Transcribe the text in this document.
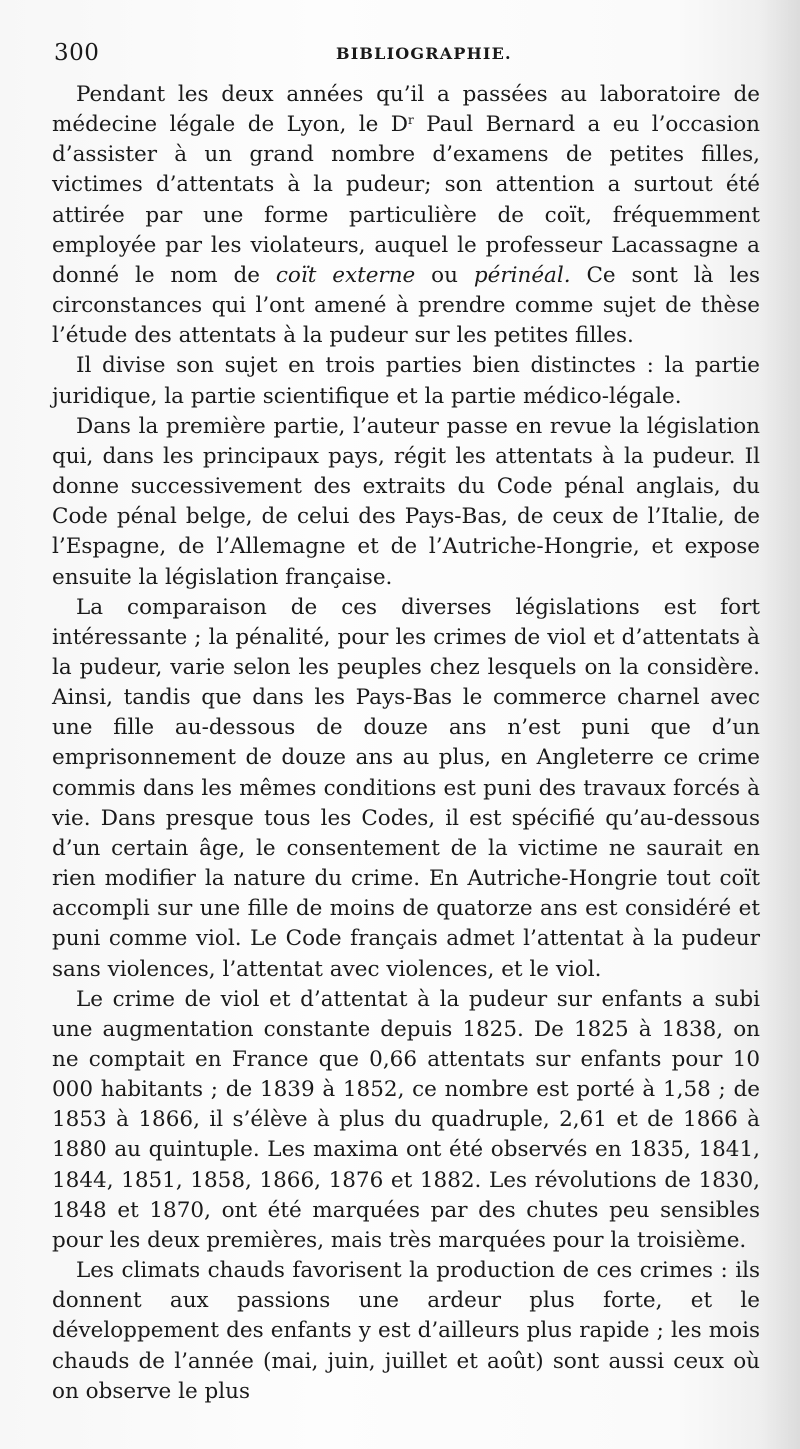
300	BIBLIOGRAPHIE.

Pendant les deux années qu’il a passées au laboratoire de médecine légale de Lyon, le $D^r$ Paul Bernard a eu l’occasion d’assister à un grand nombre d’examens de petites filles, victimes d’attentats à la pudeur; son attention a surtout été attirée par une forme particulière de coït, fréquemment employée par les violateurs, auquel le professeur Lacassagne a donné le nom de coït externe ou périnéal. Ce sont là les circonstances qui l’ont amené à prendre comme sujet de thèse l’étude des attentats à la pudeur sur les petites filles.

Il divise son sujet en trois parties bien distinctes : la partie juridique, la partie scientifique et la partie médico-légale.

Dans la première partie, l’auteur passe en revue la législation qui, dans les principaux pays, régit les attentats à la pudeur. Il donne successivement des extraits du Code pénal anglais, du Code pénal belge, de celui des Pays-Bas, de ceux de l’Italie, de l’Espagne, de l’Allemagne et de l’Autriche-Hongrie, et expose ensuite la législation française.

La comparaison de ces diverses législations est fort intéressante ; la pénalité, pour les crimes de viol et d’attentats à la pudeur, varie selon les peuples chez lesquels on la considère. Ainsi, tandis que dans les Pays-Bas le commerce charnel avec une fille au-dessous de douze ans n’est puni que d’un emprisonnement de douze ans au plus, en Angleterre ce crime commis dans les mêmes conditions est puni des travaux forcés à vie. Dans presque tous les Codes, il est spécifié qu’au-dessous d’un certain âge, le consentement de la victime ne saurait en rien modifier la nature du crime. En Autriche-Hongrie tout coït accompli sur une fille de moins de quatorze ans est considéré et puni comme viol. Le Code français admet l’attentat à la pudeur sans violences, l’attentat avec violences, et le viol.

Le crime de viol et d’attentat à la pudeur sur enfants a subi une augmentation constante depuis 1825. De 1825 à 1838, on ne comptait en France que 0,66 attentats sur enfants pour 10 000 habitants ; de 1839 à 1852, ce nombre est porté à 1,58 ; de 1853 à 1866, il s’élève à plus du quadruple, 2,61 et de 1866 à 1880 au quintuple. Les maxima ont été observés en 1835, 1841, 1844, 1851, 1858, 1866, 1876 et 1882. Les révolutions de 1830, 1848 et 1870, ont été marquées par des chutes peu sensibles pour les deux premières, mais très marquées pour la troisième.

Les climats chauds favorisent la production de ces crimes : ils donnent aux passions une ardeur plus forte, et le développement des enfants y est d’ailleurs plus rapide ; les mois chauds de l’année (mai, juin, juillet et août) sont aussi ceux où on observe le plus
